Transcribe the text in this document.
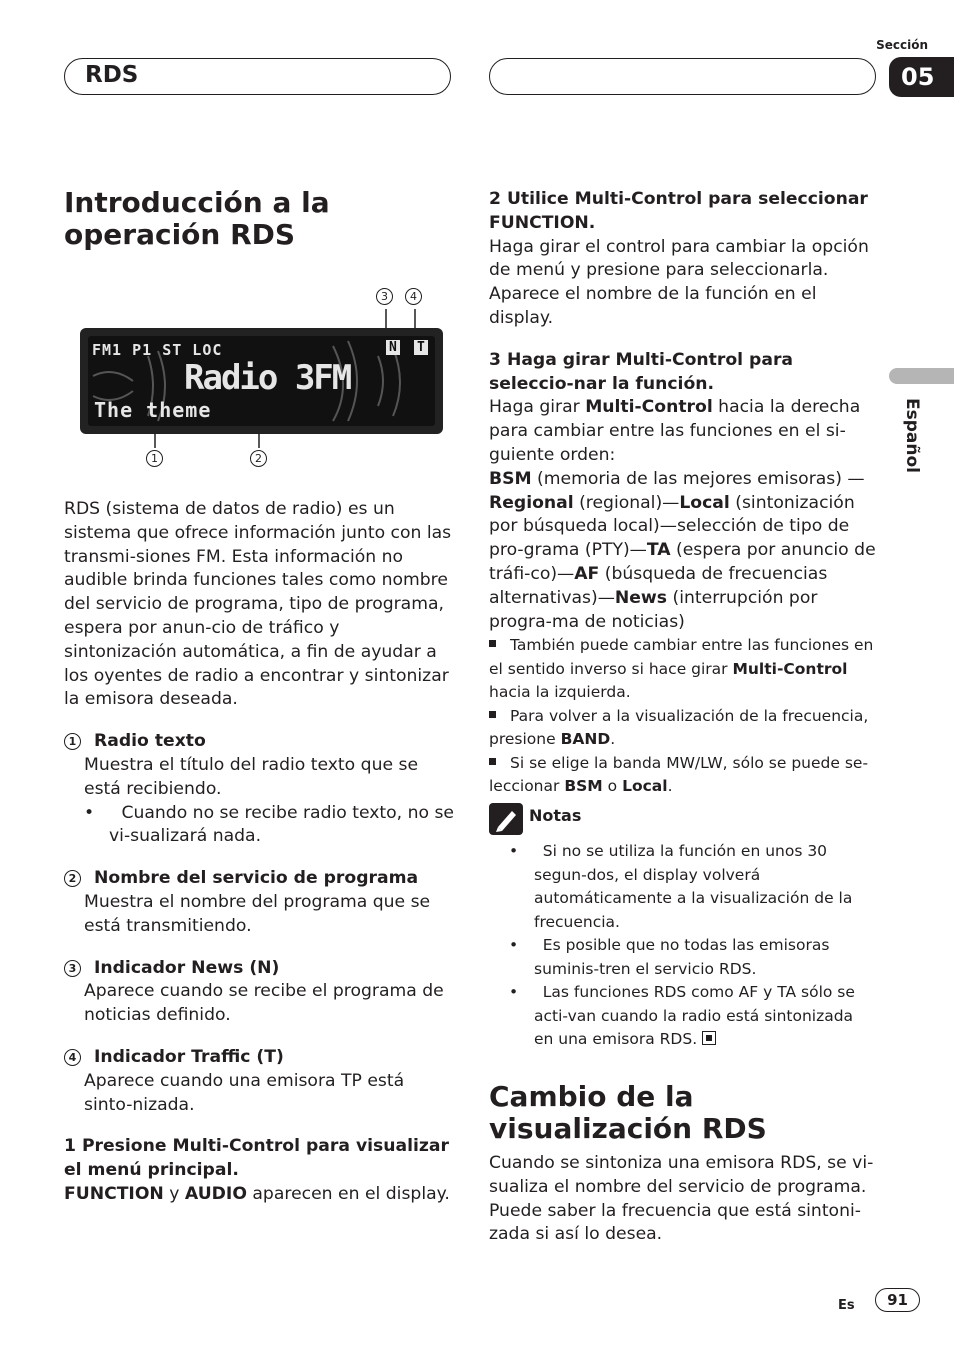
RDS
Sección
05
Español
Introducción a la operación RDS
3	4
FM1 P1 ST LOC
Radio 3FM
The theme
N T
1	2

RDS (sistema de datos de radio) es un sistema que ofrece información junto con las transmi-siones FM. Esta información no audible brinda funciones tales como nombre del servicio de programa, tipo de programa, espera por anun-cio de tráfico y sintonización automática, a fin de ayudar a los oyentes de radio a encontrar y sintonizar la emisora deseada.

1 Radio texto

Muestra el título del radio texto que se está recibiendo.

•     Cuando no se recibe radio texto, no se vi-sualizará nada.

2 Nombre del servicio de programa

Muestra el nombre del programa que se está transmitiendo.

3 Indicador News (N)

Aparece cuando se recibe el programa de noticias definido.

4 Indicador Traffic (T)

Aparece cuando una emisora TP está sinto-nizada.

1 Presione Multi-Control para visualizar el menú principal.

FUNCTION y AUDIO aparecen en el display.

2 Utilice Multi-Control para seleccionar FUNCTION.

Haga girar el control para cambiar la opción de menú y presione para seleccionarla. Aparece el nombre de la función en el display.

3 Haga girar Multi-Control para seleccio-nar la función.

Haga girar Multi-Control hacia la derecha para cambiar entre las funciones en el si-guiente orden:

BSM (memoria de las mejores emisoras) —Regional (regional)—Local (sintonización por búsqueda local)—selección de tipo de pro-grama (PTY)—TA (espera por anuncio de tráfi-co)—AF (búsqueda de frecuencias alternativas)—News (interrupción por progra-ma de noticias)

También puede cambiar entre las funciones en el sentido inverso si hace girar Multi-Control hacia la izquierda.

Para volver a la visualización de la frecuencia, presione BAND.

Si se elige la banda MW/LW, sólo se puede se-leccionar BSM o Local.

Notas

•     Si no se utiliza la función en unos 30 segun-dos, el display volverá automáticamente a la visualización de la frecuencia.

•     Es posible que no todas las emisoras suminis-tren el servicio RDS.

•     Las funciones RDS como AF y TA sólo se acti-van cuando la radio está sintonizada en una emisora RDS.

Cambio de la visualización RDS

Cuando se sintoniza una emisora RDS, se vi-sualiza el nombre del servicio de programa. Puede saber la frecuencia que está sintoni-zada si así lo desea.

Es	91
